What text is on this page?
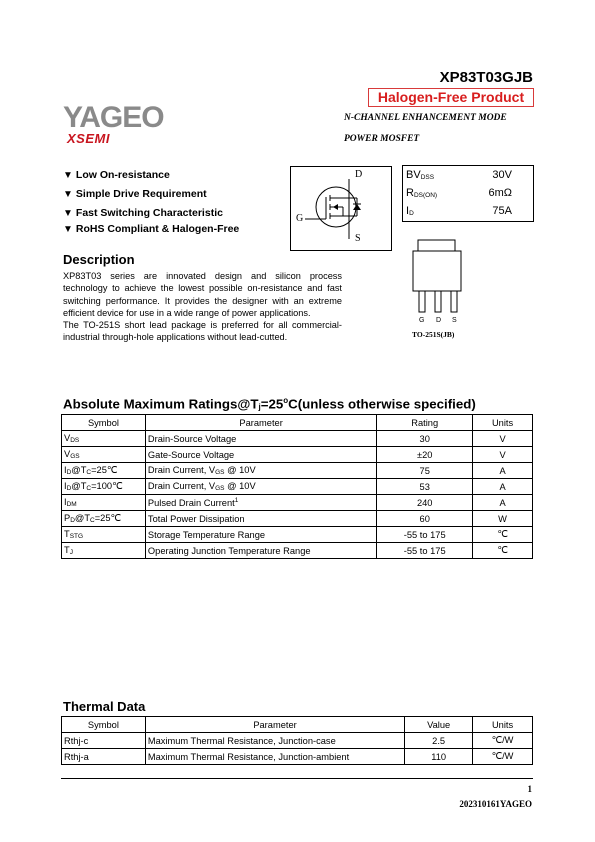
XP83T03GJB
Halogen-Free Product
N-CHANNEL ENHANCEMENT MODE
POWER MOSFET
YAGEO
XSEMI
▼ Low On-resistance
▼ Simple Drive Requirement
▼ Fast Switching Characteristic
▼ RoHS Compliant & Halogen-Free
D
G
S
$BV_{DSS}$	30V
$R_{DS(ON)}$	6mΩ
$I_D$	75A
G D S
TO-251S(JB)
Description
XP83T03 series are innovated design and silicon process technology to achieve the lowest possible on-resistance and fast switching performance. It provides the designer with an extreme efficient device for use in a wide range of power applications.
The TO-251S short lead package is preferred for all commercial-industrial through-hole applications without lead-cutted.
Absolute Maximum $Ratings@T_j=25^oC(unless$ otherwise specified)
Symbol	Parameter	Rating	Units
$V_{DS}$	Drain-Source Voltage	30	V
$V_{GS}$	Gate-Source Voltage	±20	V
$I_D@T_C=25℃$	Drain Current, $V_{GS}$ @ 10V	75	A
$I_D@T_C=100℃$	Drain Current, $V_{GS}$ @ 10V	53	A
$I_{DM}$	Pulsed Drain Current$^1$	240	A
$P_D@T_C=25℃$	Total Power Dissipation	60	W
$T_{STG}$	Storage Temperature Range	-55 to 175	℃
$T_J$	Operating Junction Temperature Range	-55 to 175	℃
Thermal Data
Symbol	Parameter	Value	Units
Rthj-c	Maximum Thermal Resistance, Junction-case	2.5	℃/W
Rthj-a	Maximum Thermal Resistance, Junction-ambient	110	℃/W
1
202310161YAGEO
